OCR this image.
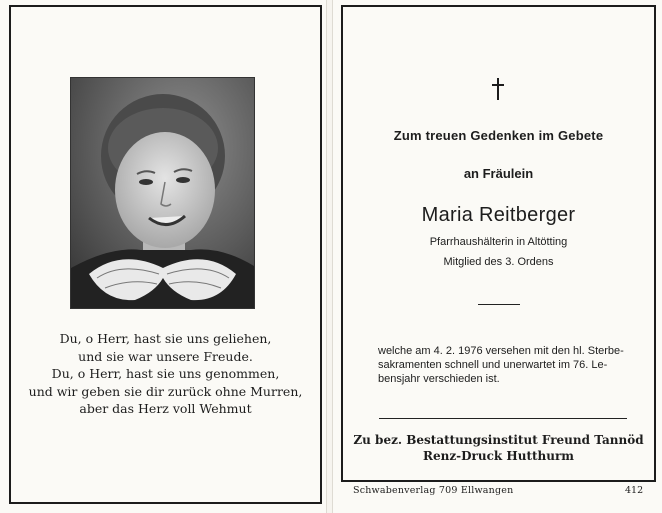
Du, o Herr, hast sie uns geliehen,
und sie war unsere Freude.
Du, o Herr, hast sie uns genommen,
und wir geben sie dir zurück ohne Murren,
aber das Herz voll Wehmut
Zum treuen Gedenken im Gebete
an Fräulein
Maria Reitberger
Pfarrhaushälterin in Altötting
Mitglied des 3. Ordens
welche am 4. 2. 1976 versehen mit den hl. Sterbe-
sakramenten schnell und unerwartet im 76. Le-
bensjahr verschieden ist.
Zu bez. Bestattungsinstitut Freund Tannöd
Renz-Druck Hutthurm
Schwabenverlag 709 Ellwangen	412
